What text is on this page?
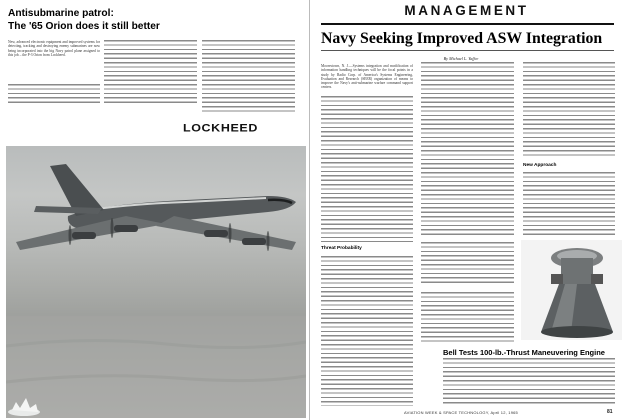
Antisubmarine patrol:
The '65 Orion does it still better

New, advanced electronic equipment and improved systems for detecting, tracking and destroying enemy submarines are now being incorporated into the big Navy patrol plane assigned to this job – the P-3 Orion from Lockheed.

LOCKHEED
MANAGEMENT
Navy Seeking Improved ASW Integration
By Michael L. Yaffee

Moorestown, N. J.—Systems integration and modification of information handling techniques will be the focal points in a study by Radio Corp. of America's Systems Engineering, Evaluation and Research (SEER) organization of means to improve the Navy's anti-submarine warfare command support centers.

Threat Probability
New Approach
Bell Tests 100-lb.-Thrust Maneuvering Engine
AVIATION WEEK & SPACE TECHNOLOGY, April 12, 1965	81
